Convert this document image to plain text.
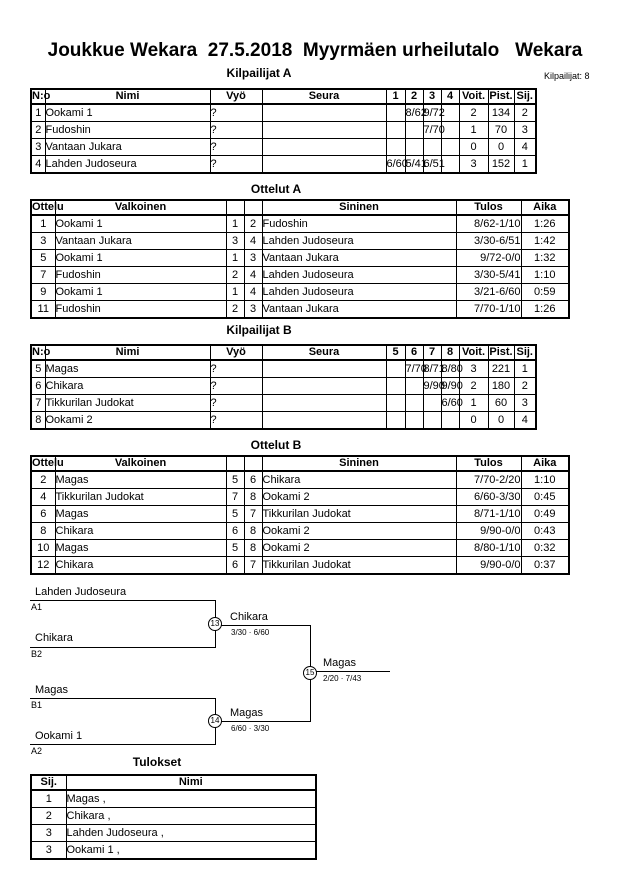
Joukkue Wekara  27.5.2018  Myyrmäen urheilutalo   Wekara
Kilpailijat: 8
Kilpailijat A
N:o	Nimi	Vyö	Seura	1	2	3	4	Voit.	Pist.	Sij.
1	Ookami 1	?			8/62	9/72		2	134	2
2	Fudoshin	?				7/70		1	70	3
3	Vantaan Jukara	?						0	0	4
4	Lahden Judoseura	?		6/60	5/41	6/51		3	152	1
Ottelut A
Ottelu	Valkoinen			Sininen	Tulos	Aika
1	Ookami 1	1	2	Fudoshin	8/62-1/10	1:26
3	Vantaan Jukara	3	4	Lahden Judoseura	3/30-6/51	1:42
5	Ookami 1	1	3	Vantaan Jukara	9/72-0/0	1:32
7	Fudoshin	2	4	Lahden Judoseura	3/30-5/41	1:10
9	Ookami 1	1	4	Lahden Judoseura	3/21-6/60	0:59
11	Fudoshin	2	3	Vantaan Jukara	7/70-1/10	1:26
Kilpailijat B
N:o	Nimi	Vyö	Seura	5	6	7	8	Voit.	Pist.	Sij.
5	Magas	?			7/70	8/71	8/80	3	221	1
6	Chikara	?				9/90	9/90	2	180	2
7	Tikkurilan Judokat	?					6/60	1	60	3
8	Ookami 2	?						0	0	4
Ottelut B
Ottelu	Valkoinen			Sininen	Tulos	Aika
2	Magas	5	6	Chikara	7/70-2/20	1:10
4	Tikkurilan Judokat	7	8	Ookami 2	6/60-3/30	0:45
6	Magas	5	7	Tikkurilan Judokat	8/71-1/10	0:49
8	Chikara	6	8	Ookami 2	9/90-0/0	0:43
10	Magas	5	8	Ookami 2	8/80-1/10	0:32
12	Chikara	6	7	Tikkurilan Judokat	9/90-0/0	0:37
Lahden Judoseura
A1
Chikara
B2
13
Chikara
3/30 · 6/60
Magas
B1
Ookami 1
A2
14
Magas
6/60 · 3/30
15
Magas
2/20 · 7/43
Tulokset
Sij.	Nimi
1	Magas ,
2	Chikara ,
3	Lahden Judoseura ,
3	Ookami 1 ,
